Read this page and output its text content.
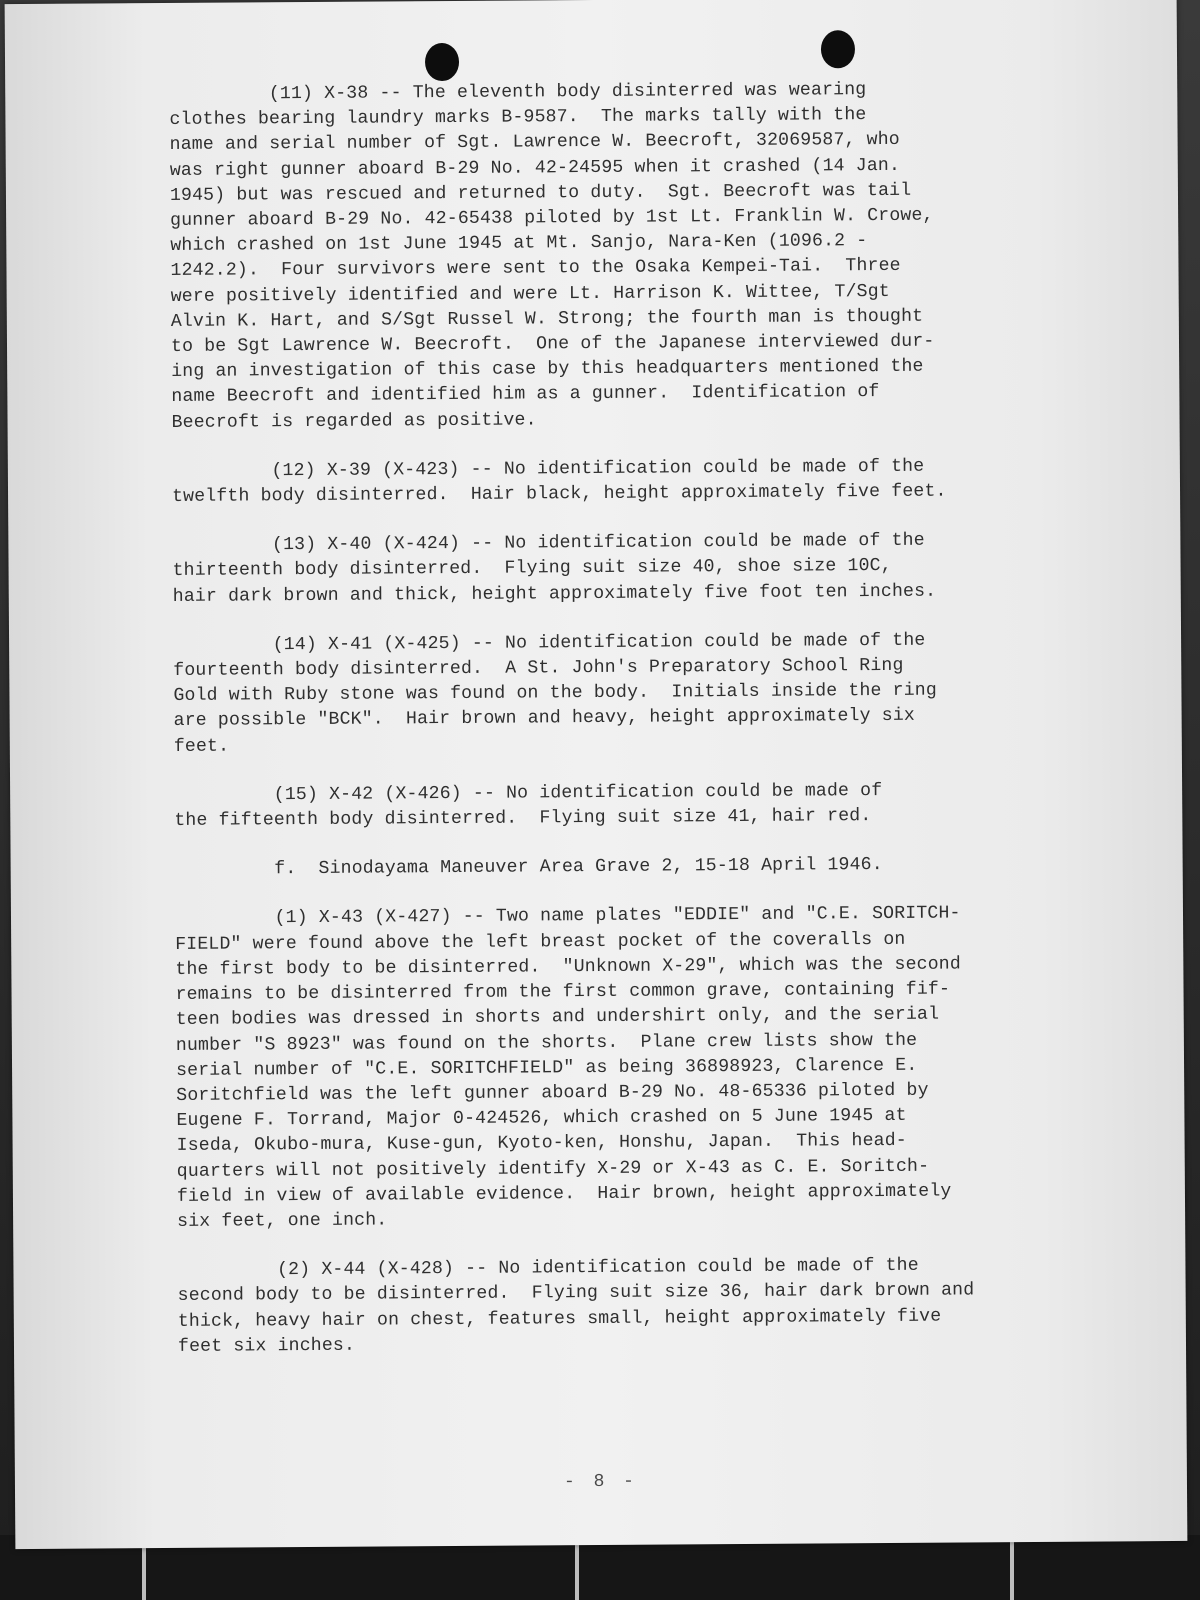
(11) X-38 -- The eleventh body disinterred was wearing
clothes bearing laundry marks B-9587.  The marks tally with the
name and serial number of Sgt. Lawrence W. Beecroft, 32069587, who
was right gunner aboard B-29 No. 42-24595 when it crashed (14 Jan.
1945) but was rescued and returned to duty.  Sgt. Beecroft was tail
gunner aboard B-29 No. 42-65438 piloted by 1st Lt. Franklin W. Crowe,
which crashed on 1st June 1945 at Mt. Sanjo, Nara-Ken (1096.2 -
1242.2).  Four survivors were sent to the Osaka Kempei-Tai.  Three
were positively identified and were Lt. Harrison K. Wittee, T/Sgt
Alvin K. Hart, and S/Sgt Russel W. Strong; the fourth man is thought
to be Sgt Lawrence W. Beecroft.  One of the Japanese interviewed dur-
ing an investigation of this case by this headquarters mentioned the
name Beecroft and identified him as a gunner.  Identification of
Beecroft is regarded as positive.
(12) X-39 (X-423) -- No identification could be made of the
twelfth body disinterred.  Hair black, height approximately five feet.
(13) X-40 (X-424) -- No identification could be made of the
thirteenth body disinterred.  Flying suit size 40, shoe size 10C,
hair dark brown and thick, height approximately five foot ten inches.
(14) X-41 (X-425) -- No identification could be made of the
fourteenth body disinterred.  A St. John's Preparatory School Ring
Gold with Ruby stone was found on the body.  Initials inside the ring
are possible "BCK".  Hair brown and heavy, height approximately six
feet.
(15) X-42 (X-426) -- No identification could be made of
the fifteenth body disinterred.  Flying suit size 41, hair red.
f.  Sinodayama Maneuver Area Grave 2, 15-18 April 1946.
(1) X-43 (X-427) -- Two name plates "EDDIE" and "C.E. SORITCH-
FIELD" were found above the left breast pocket of the coveralls on
the first body to be disinterred.  "Unknown X-29", which was the second
remains to be disinterred from the first common grave, containing fif-
teen bodies was dressed in shorts and undershirt only, and the serial
number "S 8923" was found on the shorts.  Plane crew lists show the
serial number of "C.E. SORITCHFIELD" as being 36898923, Clarence E.
Soritchfield was the left gunner aboard B-29 No. 48-65336 piloted by
Eugene F. Torrand, Major 0-424526, which crashed on 5 June 1945 at
Iseda, Okubo-mura, Kuse-gun, Kyoto-ken, Honshu, Japan.  This head-
quarters will not positively identify X-29 or X-43 as C. E. Soritch-
field in view of available evidence.  Hair brown, height approximately
six feet, one inch.
(2) X-44 (X-428) -- No identification could be made of the
second body to be disinterred.  Flying suit size 36, hair dark brown and
thick, heavy hair on chest, features small, height approximately five
feet six inches.
- 8 -
